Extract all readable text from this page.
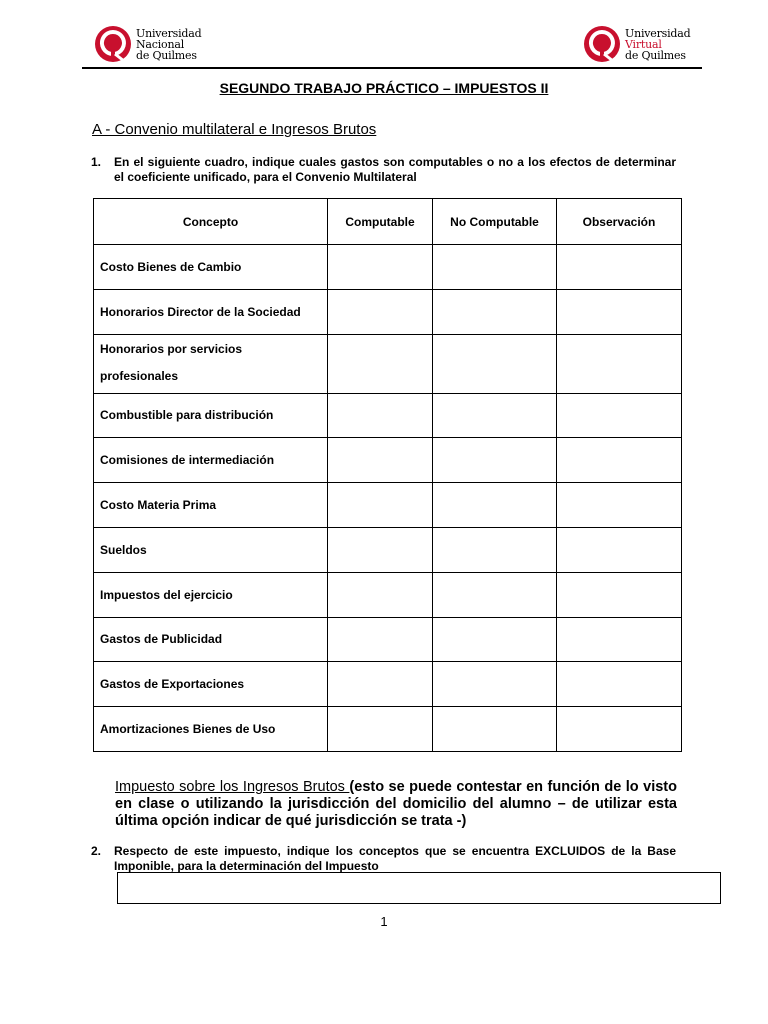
Universidad
Nacional
de Quilmes
Universidad
Virtual
de Quilmes
SEGUNDO TRABAJO PRÁCTICO – IMPUESTOS II
A - Convenio multilateral e Ingresos Brutos
1. En el siguiente cuadro, indique cuales gastos son computables o no a los efectos de determinar el coeficiente unificado, para el Convenio Multilateral
Concepto	Computable	No Computable	Observación
Costo Bienes de Cambio			
Honorarios Director de la Sociedad			
Honorarios por servicios profesionales			
Combustible para distribución			
Comisiones de intermediación			
Costo Materia Prima			
Sueldos			
Impuestos del ejercicio			
Gastos de Publicidad			
Gastos de Exportaciones			
Amortizaciones Bienes de Uso			
Impuesto sobre los Ingresos Brutos (esto se puede contestar en función de lo visto en clase o utilizando la jurisdicción del domicilio del alumno – de utilizar esta última opción indicar de qué jurisdicción se trata -)
2. Respecto de este impuesto, indique los conceptos que se encuentra EXCLUIDOS de la Base Imponible, para la determinación del Impuesto
1
